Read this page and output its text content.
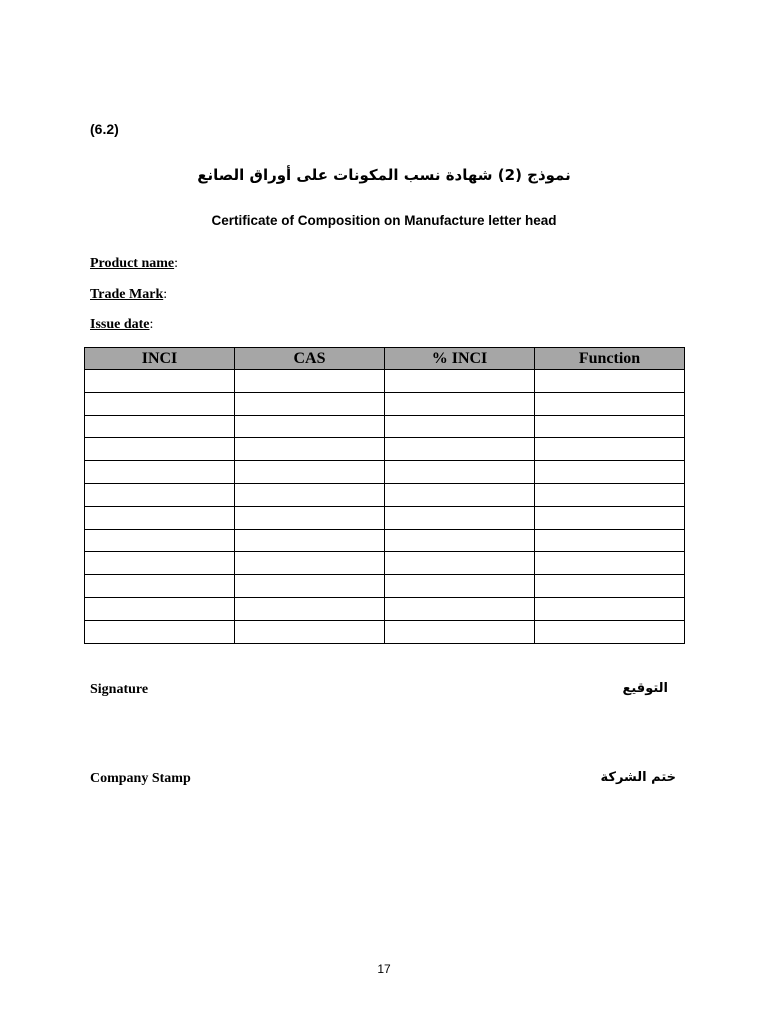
(6.2)
نموذج (2) شهادة نسب المكونات على أوراق الصانع
Certificate of Composition on Manufacture letter head
Product name:
Trade Mark:
Issue date:
INCI	CAS	% INCI	Function

Signature	التوقيع
Company Stamp	ختم الشركة
17
